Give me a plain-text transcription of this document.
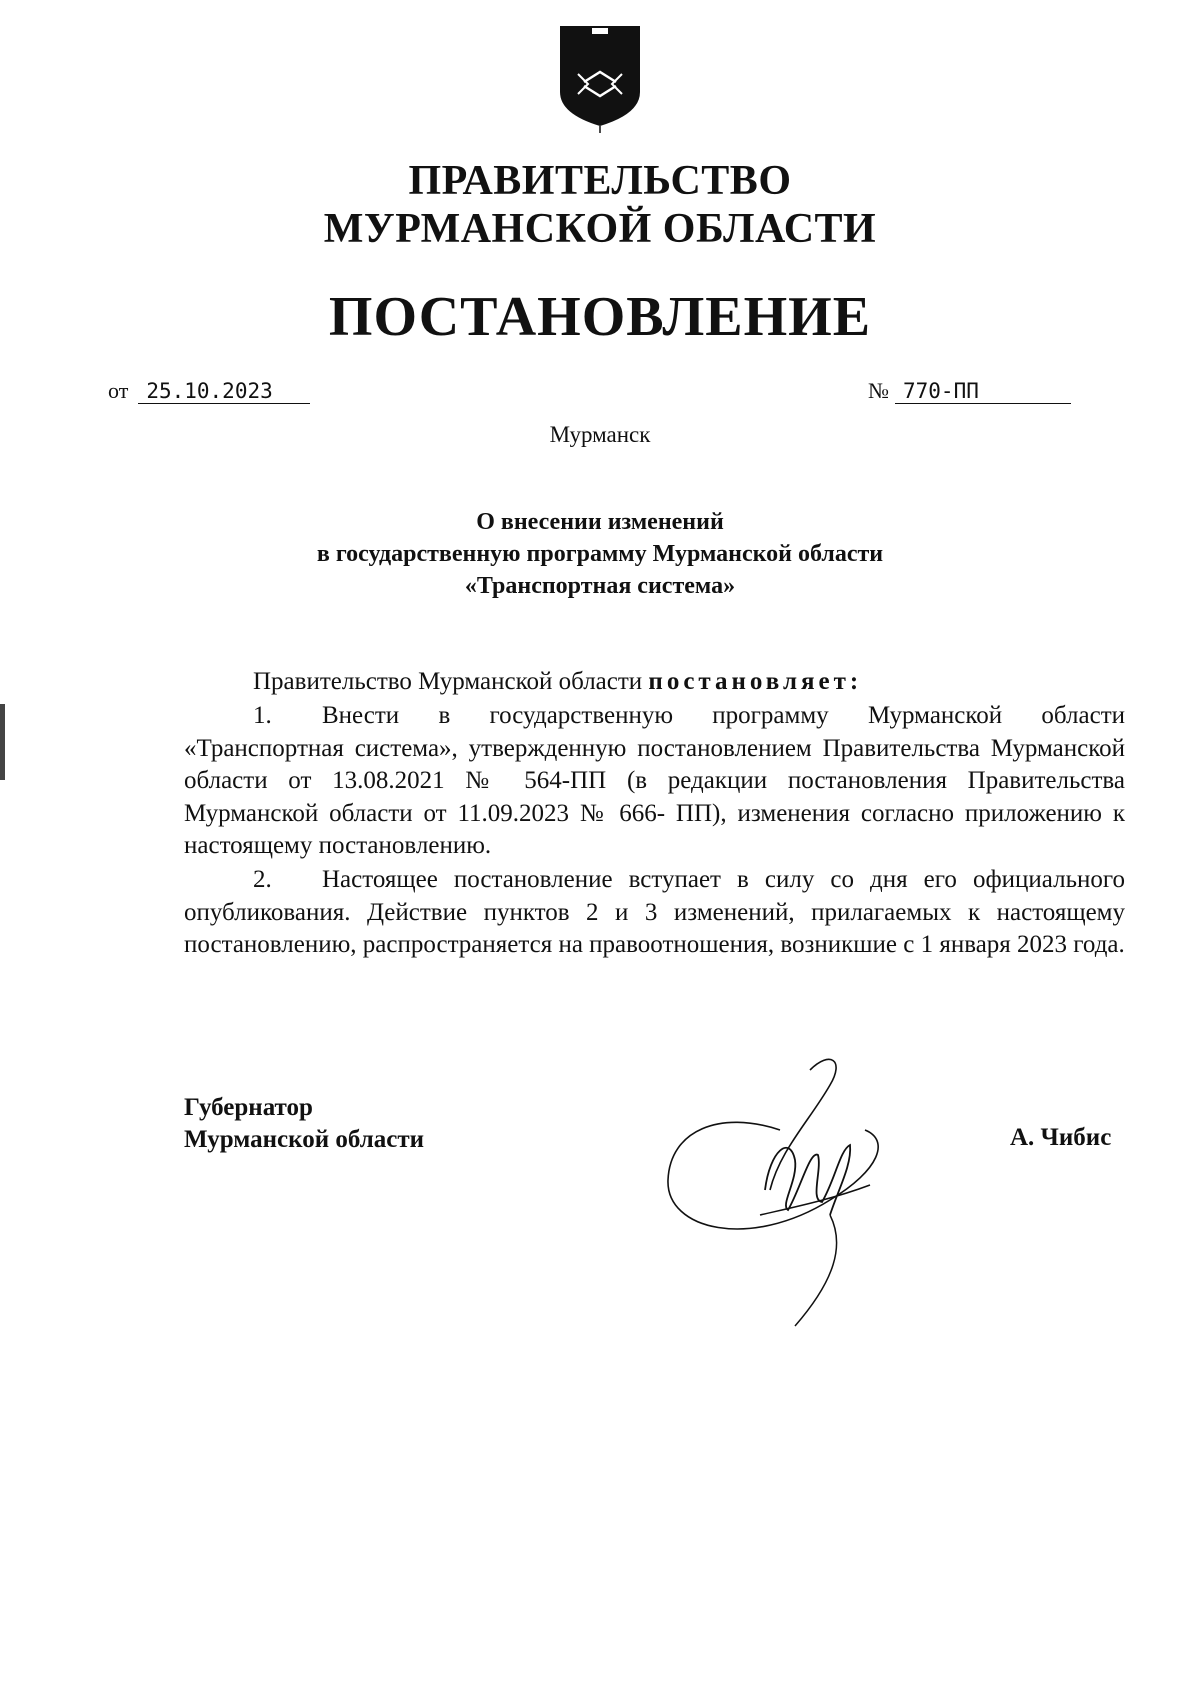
ПРАВИТЕЛЬСТВО
МУРМАНСКОЙ ОБЛАСТИ
ПОСТАНОВЛЕНИЕ
от 25.10.2023	№ 770-ПП
Мурманск
О внесении изменений
в государственную программу Мурманской области
«Транспортная система»
Правительство Мурманской области постановляет:
1. Внести в государственную программу Мурманской области «Транспортная система», утвержденную постановлением Правительства Мурманской области от 13.08.2021 № 564-ПП (в редакции постановления Правительства Мурманской области от 11.09.2023 № 666- ПП), изменения согласно приложению к настоящему постановлению.
2. Настоящее постановление вступает в силу со дня его официального опубликования. Действие пунктов 2 и 3 изменений, прилагаемых к настоящему постановлению, распространяется на правоотношения, возникшие с 1 января 2023 года.
Губернатор
Мурманской области	А. Чибис
